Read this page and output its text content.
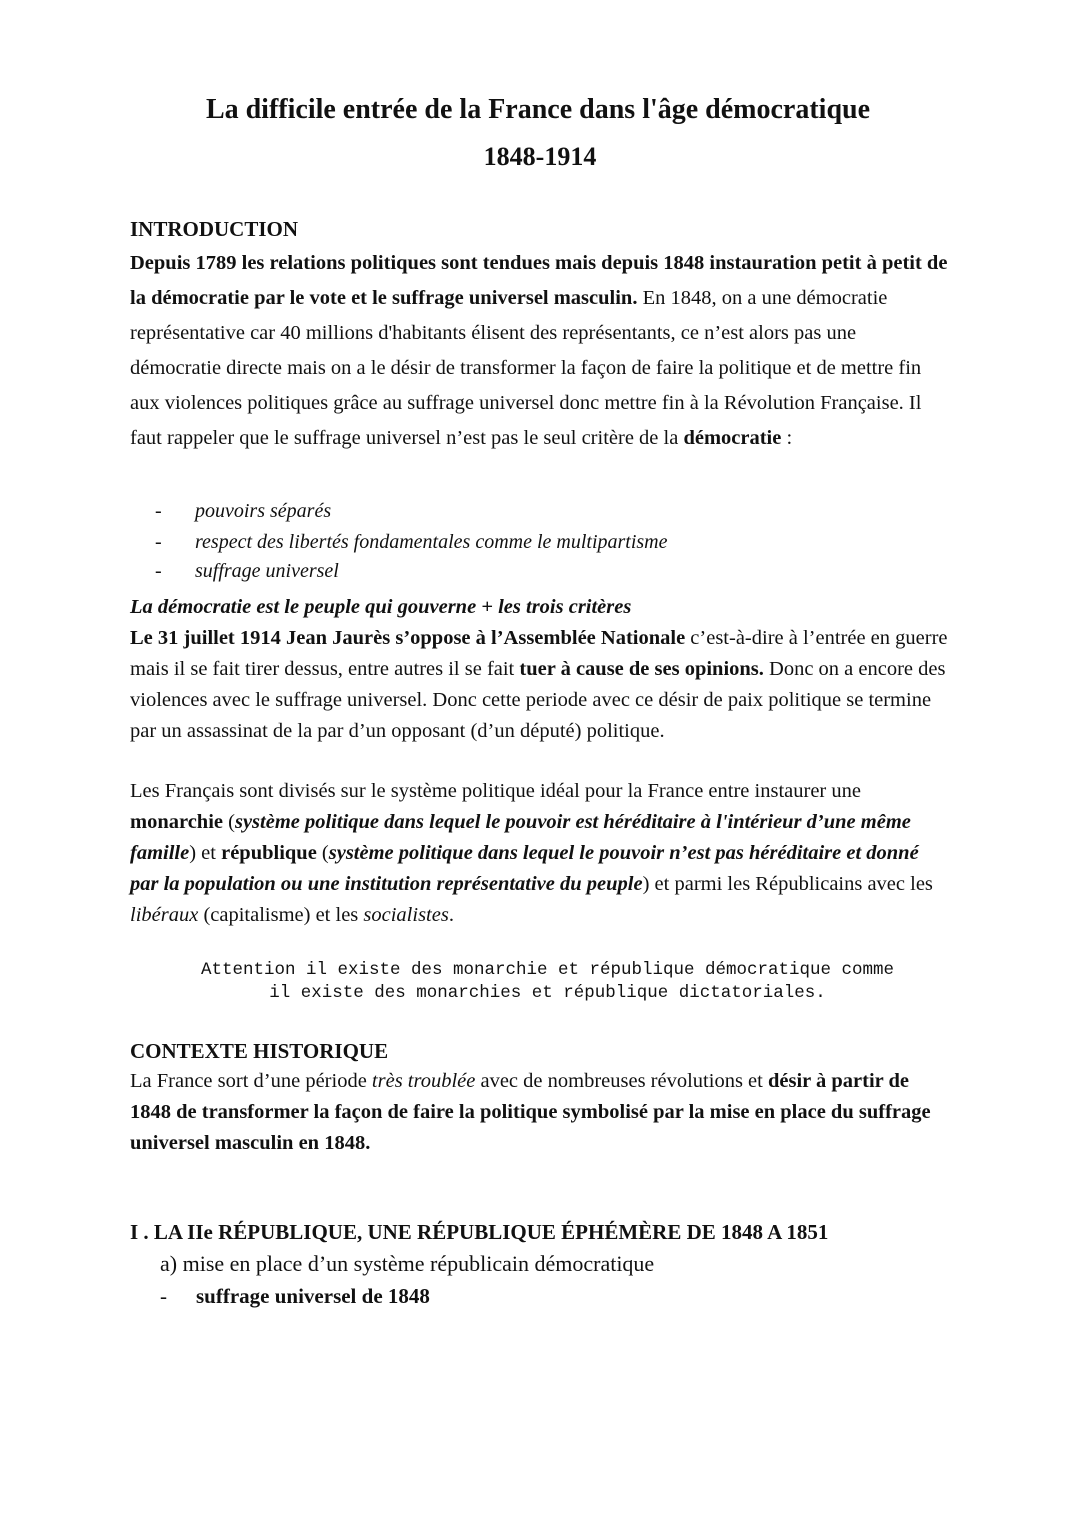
La difficile entrée de la France dans l'âge démocratique
1848-1914
INTRODUCTION

Depuis 1789 les relations politiques sont tendues mais depuis 1848 instauration petit à petit de la démocratie par le vote et le suffrage universel masculin. En 1848, on a une démocratie représentative car 40 millions d'habitants élisent des représentants, ce n’est alors pas une démocratie directe mais on a le désir de transformer la façon de faire la politique et de mettre fin aux violences politiques grâce au suffrage universel donc mettre fin à la Révolution Française. Il faut rappeler que le suffrage universel n’est pas le seul critère de la démocratie :

- pouvoirs séparés
- respect des libertés fondamentales comme le multipartisme
- suffrage universel

La démocratie est le peuple qui gouverne + les trois critères

Le 31 juillet 1914 Jean Jaurès s’oppose à l’Assemblée Nationale c’est-à-dire à l’entrée en guerre mais il se fait tirer dessus, entre autres il se fait tuer à cause de ses opinions. Donc on a encore des violences avec le suffrage universel. Donc cette periode avec ce désir de paix politique se termine par un assassinat de la par d’un opposant (d’un député) politique.

Les Français sont divisés sur le système politique idéal pour la France entre instaurer une monarchie (système politique dans lequel le pouvoir est héréditaire à l'intérieur d’une même famille) et république (système politique dans lequel le pouvoir n’est pas héréditaire et donné par la population ou une institution représentative du peuple) et parmi les Républicains avec les libéraux (capitalisme) et les socialistes.

Attention il existe des monarchie et république démocratique comme
il existe des monarchies et république dictatoriales.

CONTEXTE HISTORIQUE

La France sort d’une période très troublée avec de nombreuses révolutions et désir à partir de 1848 de transformer la façon de faire la politique symbolisé par la mise en place du suffrage universel masculin en 1848.

I . LA IIe RÉPUBLIQUE, UNE RÉPUBLIQUE ÉPHÉMÈRE DE 1848 A 1851

a) mise en place d’un système républicain démocratique

- suffrage universel de 1848
